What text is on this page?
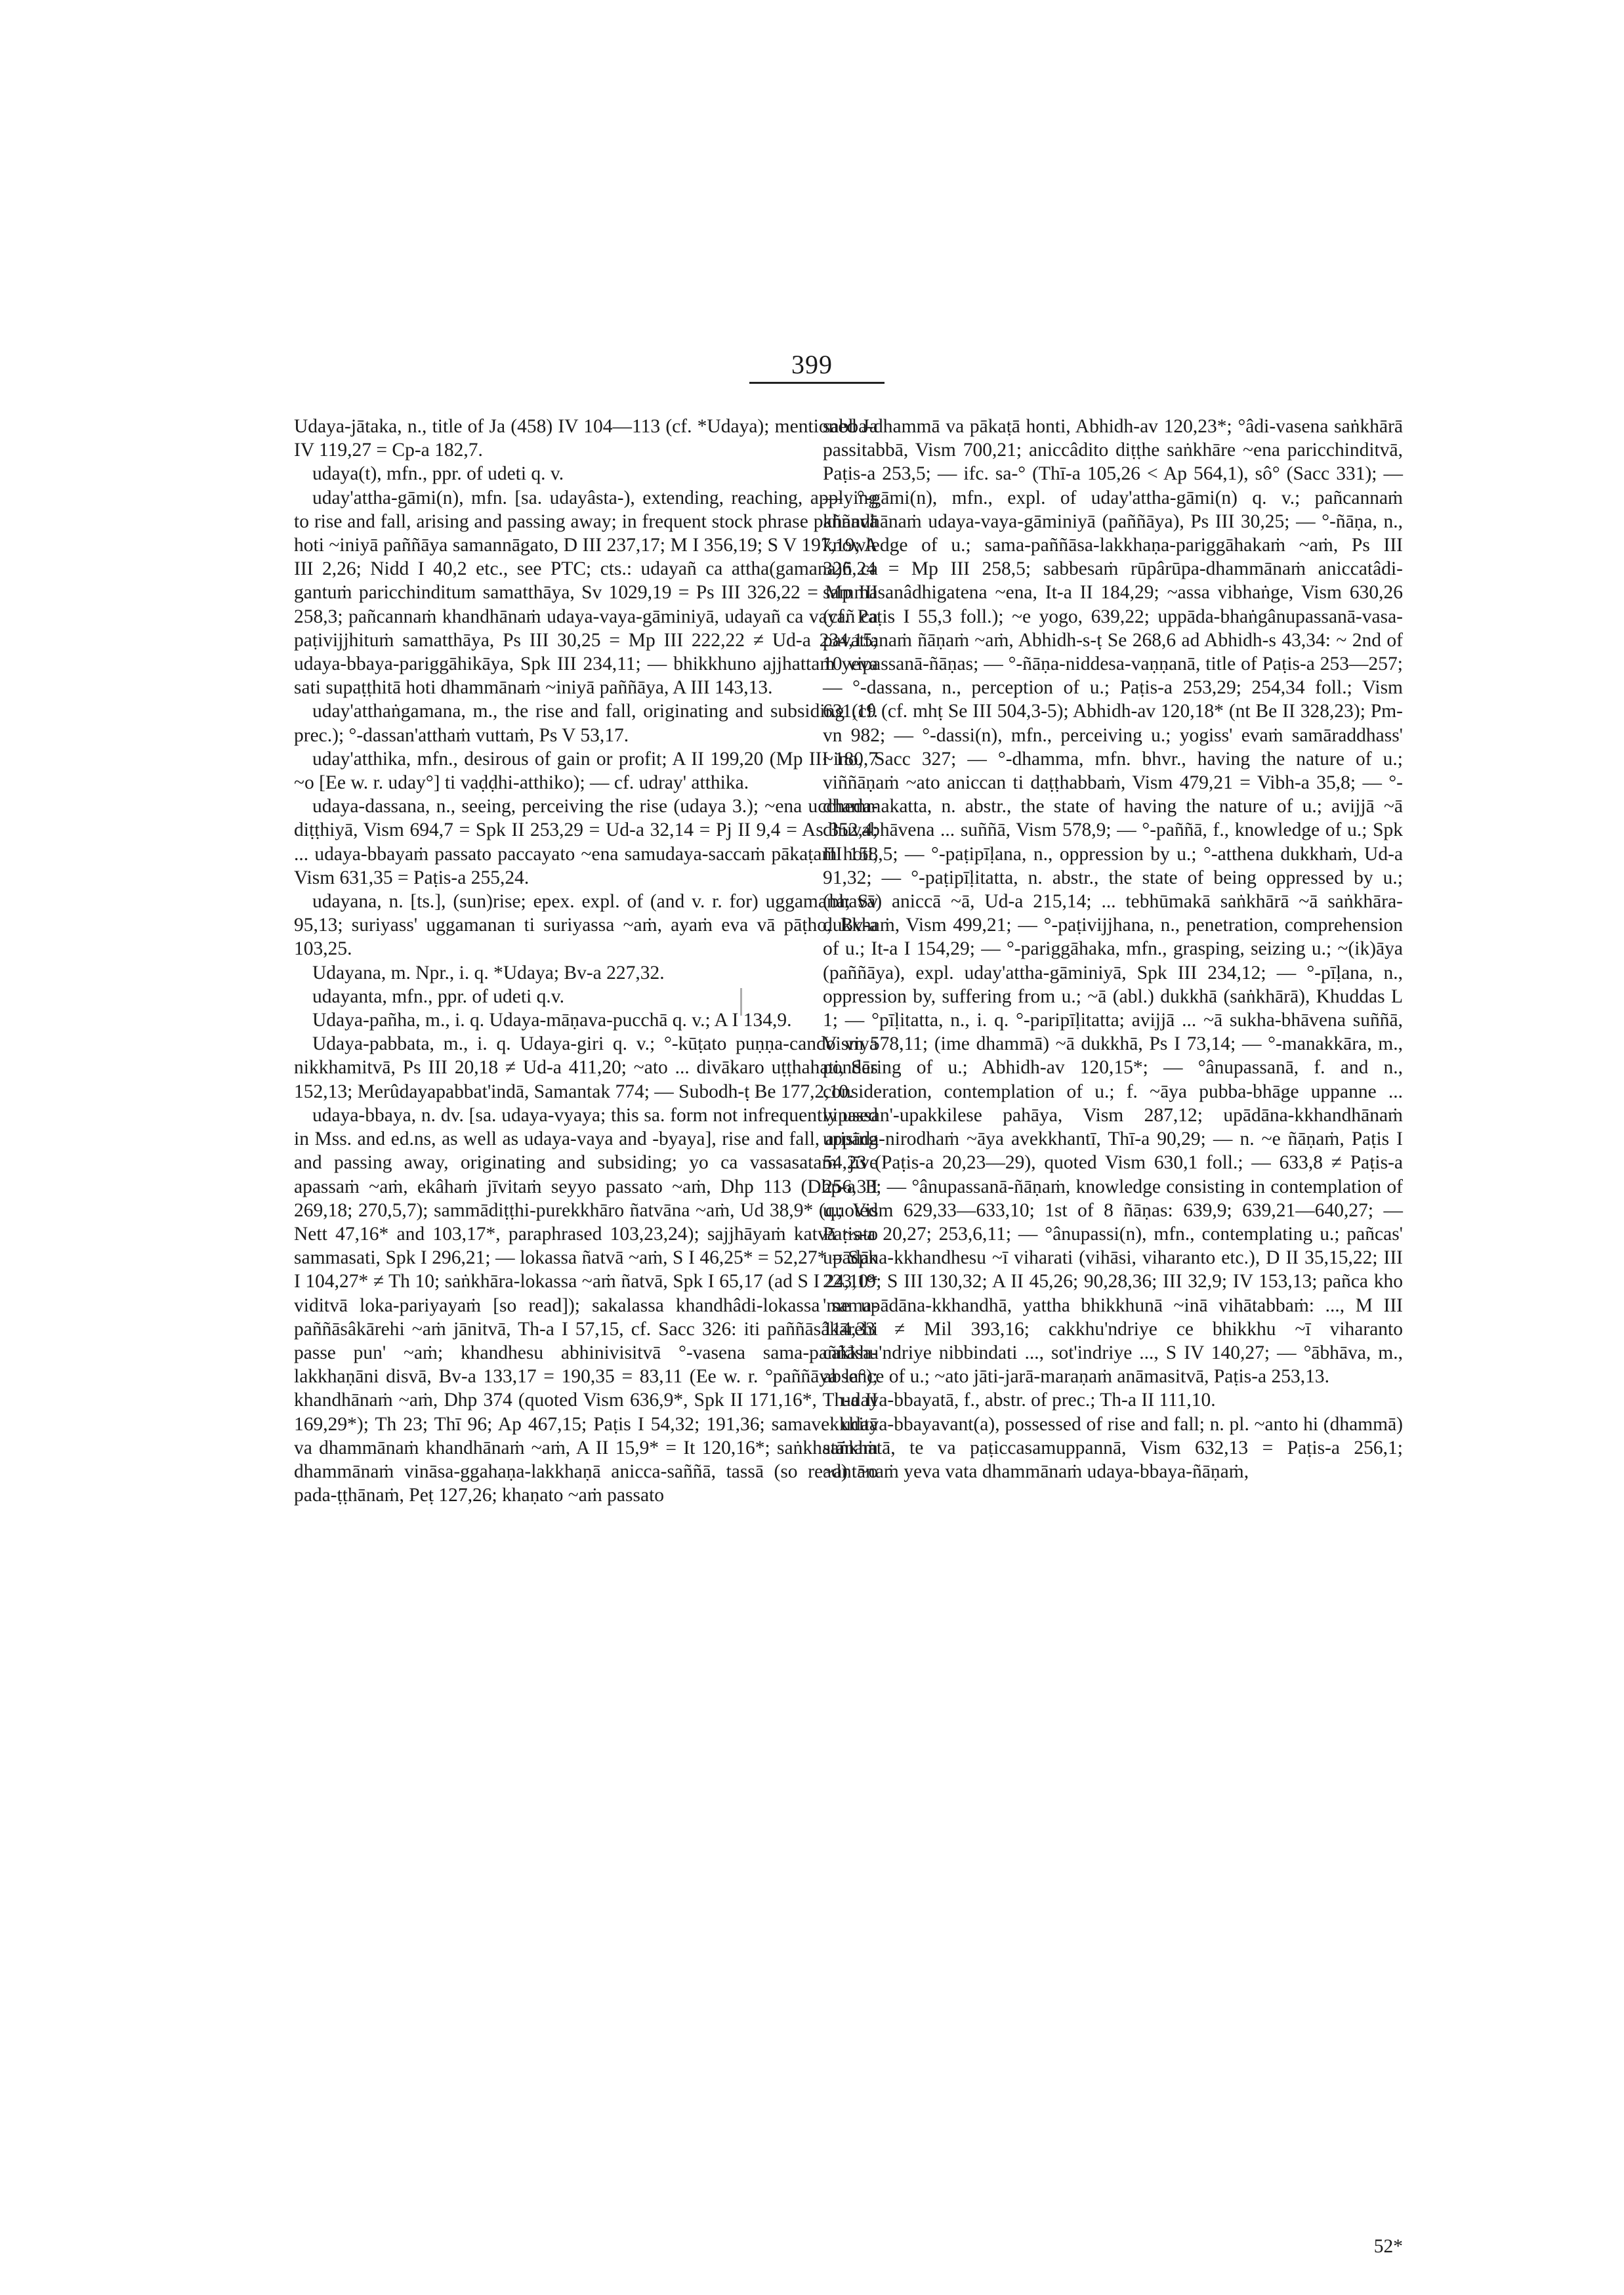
399

Udaya-jātaka, n., title of Ja (458) IV 104—113 (cf. *Udaya); mentioned Ja IV 119,27 = Cp-a 182,7.

udaya(t), mfn., ppr. of udeti q. v.

uday'attha-gāmi(n), mfn. [sa. udayâsta-), extending, reaching, applying to rise and fall, arising and passing away; in frequent stock phrase paññavā hoti ~iniyā paññāya samannāgato, D III 237,17; M I 356,19; S V 197,19; A III 2,26; Nidd I 40,2 etc., see PTC; cts.: udayañ ca attha(gamana)ñ ca gantuṁ paricchinditum samatthāya, Sv 1029,19 = Ps III 326,22 = Mp III 258,3; pañcannaṁ khandhānaṁ udaya-vaya-gāminiyā, udayañ ca vayañ ca paṭivijjhituṁ samatthāya, Ps III 30,25 = Mp III 222,22 ≠ Ud-a 234,15; udaya-bbaya-pariggāhikāya, Spk III 234,11; — bhikkhuno ajjhattaṁ yeva sati supaṭṭhitā hoti dhammānaṁ ~iniyā paññāya, A III 143,13.

uday'atthaṅgamana, m., the rise and fall, originating and subsiding (cf. prec.); °-dassan'atthaṁ vuttaṁ, Ps V 53,17.

uday'atthika, mfn., desirous of gain or profit; A II 199,20 (Mp III 180,7 ~o [Ee w. r. uday°] ti vaḍḍhi-atthiko); — cf. udray' atthika.

udaya-dassana, n., seeing, perceiving the rise (udaya 3.); ~ena uccheda-diṭṭhiyā, Vism 694,7 = Spk II 253,29 = Ud-a 32,14 = Pj II 9,4 = As 352,4; ... udaya-bbayaṁ passato paccayato ~ena samudaya-saccaṁ pākaṭaṁ hoti, Vism 631,35 = Paṭis-a 255,24.

udayana, n. [ts.], (sun)rise; epex. expl. of (and v. r. for) uggamana; Sv 95,13; suriyass' uggamanan ti suriyassa ~aṁ, ayaṁ eva vā pāṭho, Bv-a 103,25.

Udayana, m. Npr., i. q. *Udaya; Bv-a 227,32.

udayanta, mfn., ppr. of udeti q.v.

Udaya-pañha, m., i. q. Udaya-māṇava-pucchā q. v.; A I 134,9.

Udaya-pabbata, m., i. q. Udaya-giri q. v.; °-kūṭato puṇṇa-cando viya nikkhamitvā, Ps III 20,18 ≠ Ud-a 411,20; ~ato ... divākaro uṭṭhahati, Sās 152,13; Merûdayapabbat'indā, Samantak 774; — Subodh-ṭ Be 177,2,10.

udaya-bbaya, n. dv. [sa. udaya-vyaya; this sa. form not infrequently used in Mss. and ed.ns, as well as udaya-vaya and -byaya], rise and fall, arising and passing away, originating and subsiding; yo ca vassasataṁ jīve apassaṁ ~aṁ, ekâhaṁ jīvitaṁ seyyo passato ~aṁ, Dhp 113 (Dhp-a II 269,18; 270,5,7); sammādiṭṭhi-purekkhāro ñatvāna ~aṁ, Ud 38,9* (quoted Nett 47,16* and 103,17*, paraphrased 103,23,24); sajjhāyaṁ katvā ~ato sammasati, Spk I 296,21; — lokassa ñatvā ~aṁ, S I 46,25* = 52,27* = Spk I 104,27* ≠ Th 10; saṅkhāra-lokassa ~aṁ ñatvā, Spk I 65,17 (ad S I 24,10* viditvā loka-pariyayaṁ [so read]); sakalassa khandhâdi-lokassa sama-paññāsâkārehi ~aṁ jānitvā, Th-a I 57,15, cf. Sacc 326: iti paññāsâkārehi passe pun' ~aṁ; khandhesu abhinivisitvā °-vasena sama-paññāsa-lakkhaṇāni disvā, Bv-a 133,17 = 190,35 = 83,11 (Ee w. r. °paññāya la°); khandhānaṁ ~aṁ, Dhp 374 (quoted Vism 636,9*, Spk II 171,16*, Th-a II 169,29*); Th 23; Thī 96; Ap 467,15; Paṭis I 54,32; 191,36; samavekkhitā va dhammānaṁ khandhānaṁ ~aṁ, A II 15,9* = It 120,16*; saṅkhatānaṁ dhammānaṁ vināsa-ggahaṇa-lakkhaṇā anicca-saññā, tassā (so read) ~o pada-ṭṭhānaṁ, Peṭ 127,26; khaṇato ~aṁ passato

sabba-dhammā va pākaṭā honti, Abhidh-av 120,23*; °âdi-vasena saṅkhārā passitabbā, Vism 700,21; aniccâdito diṭṭhe saṅkhāre ~ena paricchinditvā, Paṭis-a 253,5; — ifc. sa-° (Thī-a 105,26 < Ap 564,1), sô° (Sacc 331); — — °-gāmi(n), mfn., expl. of uday'attha-gāmi(n) q. v.; pañcannaṁ khandhānaṁ udaya-vaya-gāminiyā (paññāya), Ps III 30,25; — °-ñāṇa, n., knowledge of u.; sama-paññāsa-lakkhaṇa-pariggāhakaṁ ~aṁ, Ps III 326,24 = Mp III 258,5; sabbesaṁ rūpârūpa-dhammānaṁ aniccatâdi-sammasanâdhigatena ~ena, It-a II 184,29; ~assa vibhaṅge, Vism 630,26 (cf. Paṭis I 55,3 foll.); ~e yogo, 639,22; uppāda-bhaṅgânupassanā-vasa-pavattanaṁ ñāṇaṁ ~aṁ, Abhidh-s-ṭ Se 268,6 ad Abhidh-s 43,34: ~ 2nd of 10 vipassanā-ñāṇas; — °-ñāṇa-niddesa-vaṇṇanā, title of Paṭis-a 253—257; — °-dassana, n., perception of u.; Paṭis-a 253,29; 254,34 foll.; Vism 631,19 (cf. mhṭ Se III 504,3-5); Abhidh-av 120,18* (nt Be II 328,23); Pm-vn 982; — °-dassi(n), mfn., perceiving u.; yogiss' evaṁ samāraddhass' ~ino, Sacc 327; — °-dhamma, mfn. bhvr., having the nature of u.; viññāṇaṁ ~ato aniccan ti daṭṭhabbaṁ, Vism 479,21 = Vibh-a 35,8; — °-dhammakatta, n. abstr., the state of having the nature of u.; avijjā ~ā dhuvabhāvena ... suññā, Vism 578,9; — °-paññā, f., knowledge of u.; Spk III 158,5; — °-paṭipīḷana, n., oppression by u.; °-atthena dukkhaṁ, Ud-a 91,32; — °-paṭipīḷitatta, n. abstr., the state of being oppressed by u.; (bhavā) aniccā ~ā, Ud-a 215,14; ... tebhūmakā saṅkhārā ~ā saṅkhāra-dukkhaṁ, Vism 499,21; — °-paṭivijjhana, n., penetration, comprehension of u.; It-a I 154,29; — °-pariggāhaka, mfn., grasping, seizing u.; ~(ik)āya (paññāya), expl. uday'attha-gāminiyā, Spk III 234,12; — °-pīḷana, n., oppression by, suffering from u.; ~ā (abl.) dukkhā (saṅkhārā), Khuddas L 1; — °pīḷitatta, n., i. q. °-paripīḷitatta; avijjā ... ~ā sukha-bhāvena suññā, Vism 578,11; (ime dhammā) ~ā dukkhā, Ps I 73,14; — °-manakkāra, m., pondering of u.; Abhidh-av 120,15*; — °ânupassanā, f. and n., consideration, contemplation of u.; f. ~āya pubba-bhāge uppanne ... vipassan'-upakkilese pahāya, Vism 287,12; upādāna-kkhandhānaṁ uppāda-nirodhaṁ ~āya avekkhantī, Thī-a 90,29; — n. ~e ñāṇaṁ, Paṭis I 54,23 (Paṭis-a 20,23—29), quoted Vism 630,1 foll.; — 633,8 ≠ Paṭis-a 256,33; — °ânupassanā-ñāṇaṁ, knowledge consisting in contemplation of u.; Vism 629,33—633,10; 1st of 8 ñāṇas: 639,9; 639,21—640,27; — Paṭis-a 20,27; 253,6,11; — °ânupassi(n), mfn., contemplating u.; pañcas' upādāna-kkhandhesu ~ī viharati (vihāsi, viharanto etc.), D II 35,15,22; III 223,19; S III 130,32; A II 45,26; 90,28,36; III 32,9; IV 153,13; pañca kho 'me upādāna-kkhandhā, yattha bhikkhunā ~inā vihātabbaṁ: ..., M III 114,33 ≠ Mil 393,16; cakkhu'ndriye ce bhikkhu ~ī viharanto cakkhu'ndriye nibbindati ..., sot'indriye ..., S IV 140,27; — °ābhāva, m., absence of u.; ~ato jāti-jarā-maraṇaṁ anāmasitvā, Paṭis-a 253,13.

udaya-bbayatā, f., abstr. of prec.; Th-a II 111,10.

udaya-bbayavant(a), possessed of rise and fall; n. pl. ~anto hi (dhammā) saṅkhatā, te va paṭiccasamuppannā, Vism 632,13 = Paṭis-a 256,1; ~antānaṁ yeva vata dhammānaṁ udaya-bbaya-ñāṇaṁ,

52*
